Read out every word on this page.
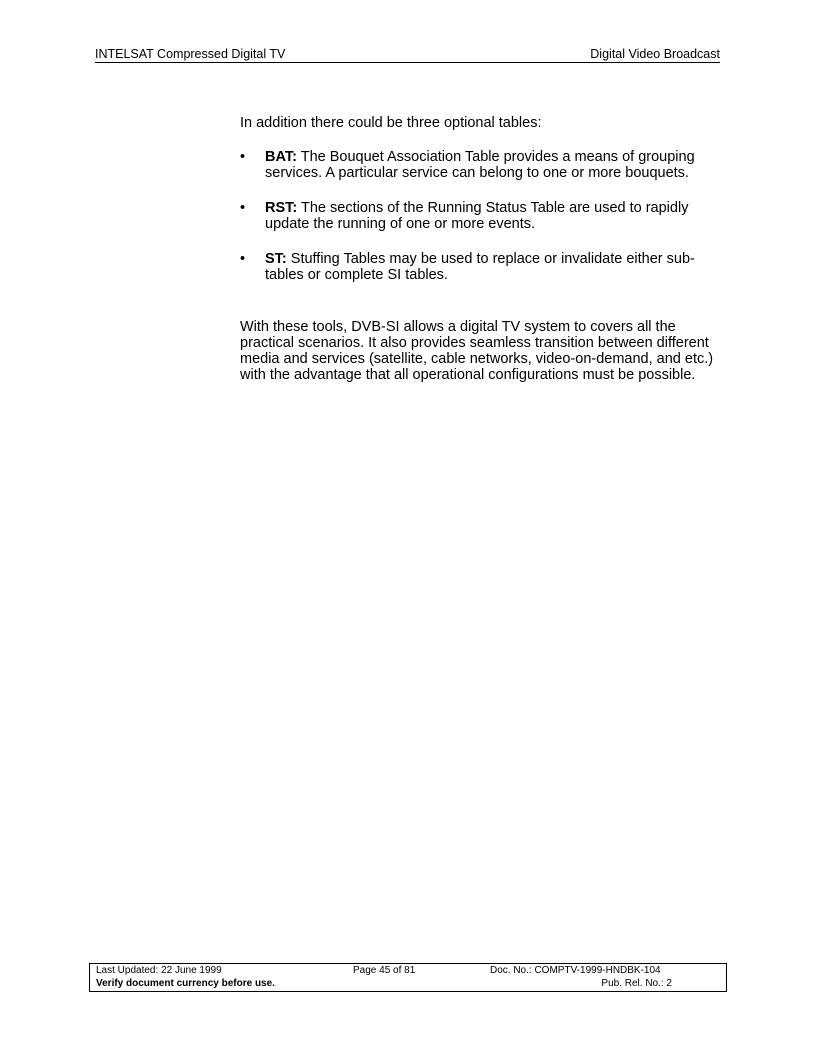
INTELSAT Compressed Digital TV	Digital Video Broadcast

In addition there could be three optional tables:

• BAT: The Bouquet Association Table provides a means of grouping services. A particular service can belong to one or more bouquets.

• RST: The sections of the Running Status Table are used to rapidly update the running of one or more events.

• ST: Stuffing Tables may be used to replace or invalidate either sub-tables or complete SI tables.

With these tools, DVB-SI allows a digital TV system to covers all the practical scenarios. It also provides seamless transition between different media and services (satellite, cable networks, video-on-demand, and etc.) with the advantage that all operational configurations must be possible.

Last Updated: 22 June 1999	Page 45 of 81	Doc. No.: COMPTV-1999-HNDBK-104
Verify document currency before use.	Pub. Rel. No.: 2
